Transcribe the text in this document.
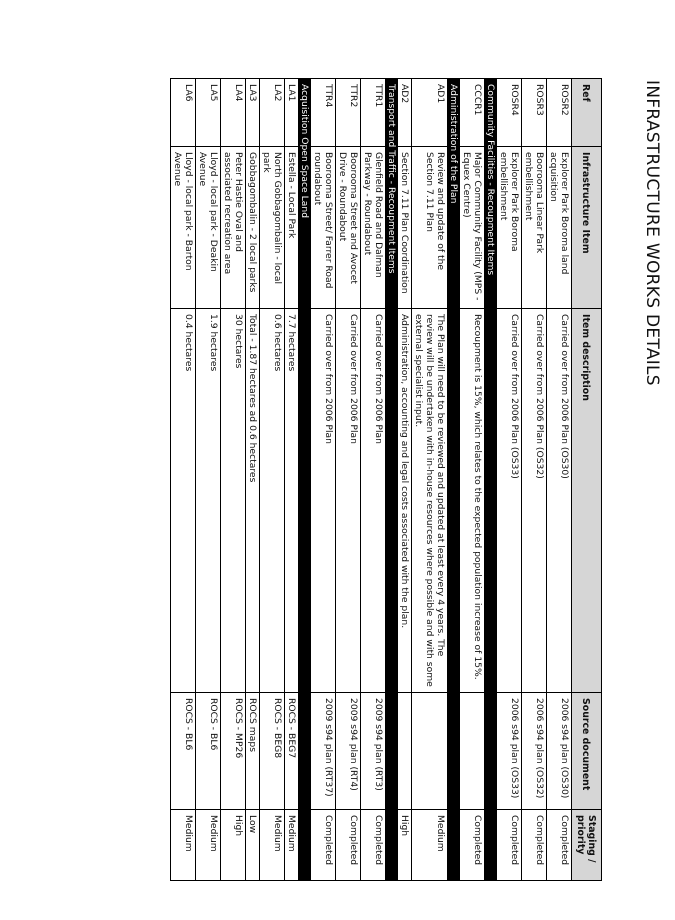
INFRASTRUCTURE WORKS DETAILS
Ref	Infrastructure Item	Item description	Source document	Staging / priority
ROSR2	Explorer Park Boroma land acquisition	Carried over from 2006 Plan (OS30)	2006 s94 plan (OS30)	Completed
ROSR3	Boorooma Linear Park embellishment	Carried over from 2006 Plan (OS32)	2006 s94 plan (OS32)	Completed
ROSR4	Explorer Park Boroma embellishment	Carried over from 2006 Plan (OS33)	2006 s94 plan (OS33)	Completed
Community Facilities - Recoupment Items				
CCCR1	Major Community Facility (MPS - Equex Centre)	Recoupment is 15%, which relates to the expected population increase of 15%.		Completed
Administration of the Plan				
AD1	Review and update of the Section 7.11 Plan	The Plan will need to be reviewed and updated at least every 4 years. The review will be undertaken with in-house resources where possible and with some external specialist input.		Medium
AD2	Section 7.11 Plan Coordination	Administration, accounting and legal costs associated with the plan.		High
Transport and Traffic - Recoupment Items				
TTR1	Glenfield Road and Dalman Parkway - Roundabout	Carried over from 2006 Plan	2009 s94 plan (RT3)	Completed
TTR2	Boorooma Street and Avocet Drive - Roundabout	Carried over from 2006 Plan	2009 s94 plan (RT4)	Completed
TTR4	Boorooma Street/ Farrer Road roundabout	Carried over from 2006 Plan	2009 s94 plan (RT37)	Completed
Acquisition Open Space Land				
LA1	Estella - Local Park	7.7 hectares	ROCS - BEG7	Medium
LA2	North Gobbagombalin - local park	0.6 hectares	ROCS - BEG8	Medium
LA3	Gobbagombalin - 2 local parks	Total - 1.87 hectares ad 0.6 hectares	ROCS maps	Low
LA4	Peter Hastie Oval and associated recreation area	30 hectares	ROCS - MP26	High
LA5	Lloyd - local park - Deakin Avenue	1.9 hectares	ROCS - BL6	Medium
LA6	Lloyd - local park - Barton Avenue	0.4 hectares	ROCS - BL6	Medium
